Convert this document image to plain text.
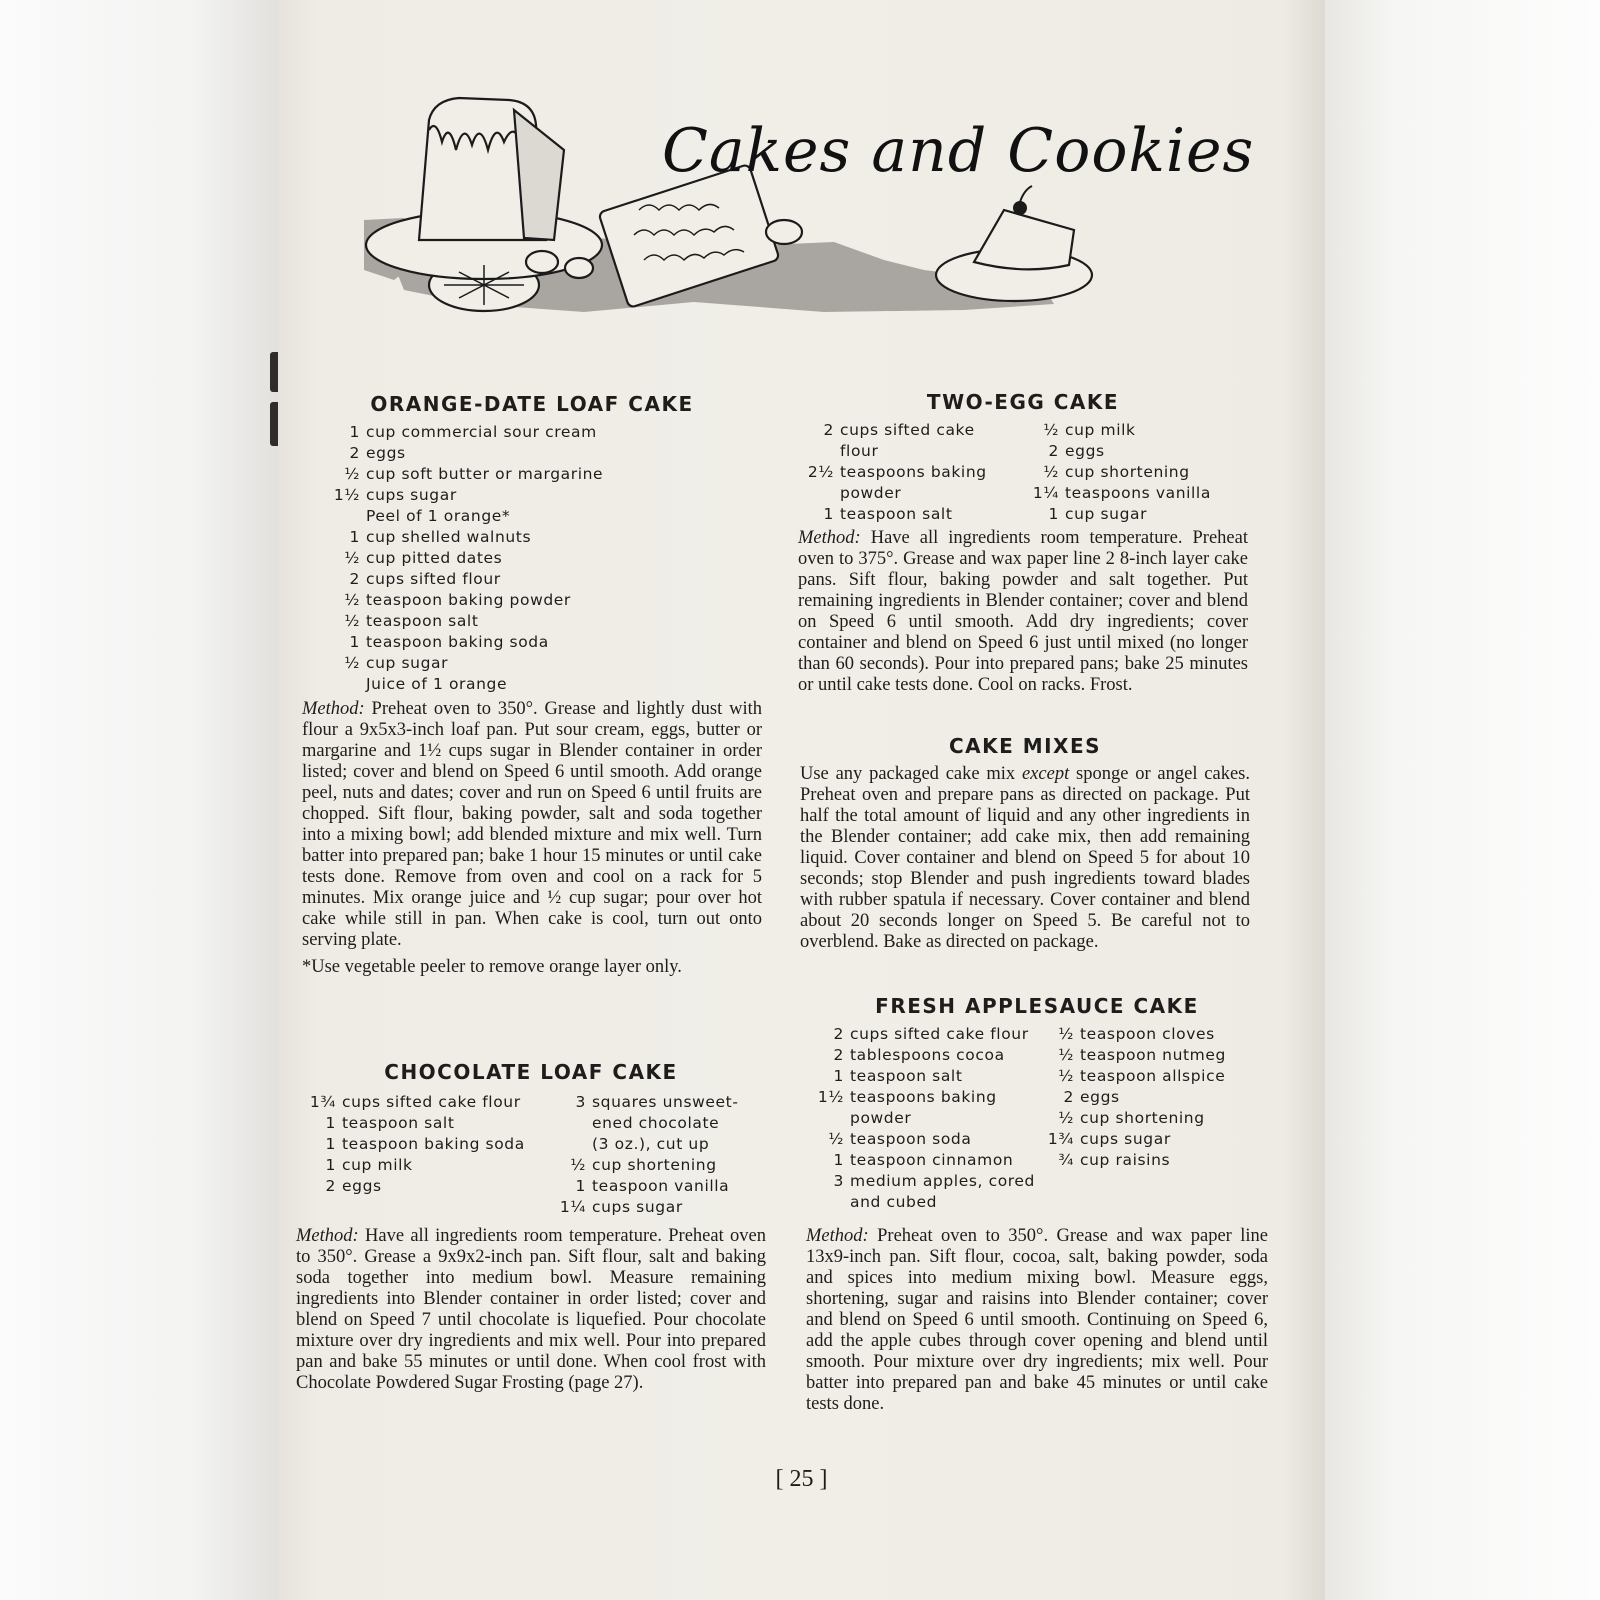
Cakes and Cookies
ORANGE-DATE LOAF CAKE
1 cup commercial sour cream
2 eggs
½ cup soft butter or margarine
1½ cups sugar
Peel of 1 orange*
1 cup shelled walnuts
½ cup pitted dates
2 cups sifted flour
½ teaspoon baking powder
½ teaspoon salt
1 teaspoon baking soda
½ cup sugar
Juice of 1 orange

Method: Preheat oven to 350°. Grease and lightly dust with flour a 9x5x3-inch loaf pan. Put sour cream, eggs, butter or margarine and 1½ cups sugar in Blender container in order listed; cover and blend on Speed 6 until smooth. Add orange peel, nuts and dates; cover and run on Speed 6 until fruits are chopped. Sift flour, baking powder, salt and soda together into a mixing bowl; add blended mixture and mix well. Turn batter into prepared pan; bake 1 hour 15 minutes or until cake tests done. Remove from oven and cool on a rack for 5 minutes. Mix orange juice and ½ cup sugar; pour over hot cake while still in pan. When cake is cool, turn out onto serving plate.

*Use vegetable peeler to remove orange layer only.

CHOCOLATE LOAF CAKE
1¾ cups sifted cake flour
1 teaspoon salt
1 teaspoon baking soda
1 cup milk
2 eggs
3 squares unsweet-
ened chocolate
(3 oz.), cut up
½ cup shortening
1 teaspoon vanilla
1¼ cups sugar

Method: Have all ingredients room temperature. Preheat oven to 350°. Grease a 9x9x2-inch pan. Sift flour, salt and baking soda together into medium bowl. Measure remaining ingredients into Blender container in order listed; cover and blend on Speed 7 until chocolate is liquefied. Pour chocolate mixture over dry ingredients and mix well. Pour into prepared pan and bake 55 minutes or until done. When cool frost with Chocolate Powdered Sugar Frosting (page 27).

TWO-EGG CAKE
2 cups sifted cake
flour
2½ teaspoons baking
powder
1 teaspoon salt
½ cup milk
2 eggs
½ cup shortening
1¼ teaspoons vanilla
1 cup sugar

Method: Have all ingredients room temperature. Preheat oven to 375°. Grease and wax paper line 2 8-inch layer cake pans. Sift flour, baking powder and salt together. Put remaining ingredients in Blender container; cover and blend on Speed 6 until smooth. Add dry ingredients; cover container and blend on Speed 6 just until mixed (no longer than 60 seconds). Pour into prepared pans; bake 25 minutes or until cake tests done. Cool on racks. Frost.

CAKE MIXES

Use any packaged cake mix except sponge or angel cakes. Preheat oven and prepare pans as directed on package. Put half the total amount of liquid and any other ingredients in the Blender container; add cake mix, then add remaining liquid. Cover container and blend on Speed 5 for about 10 seconds; stop Blender and push ingredients toward blades with rubber spatula if necessary. Cover container and blend about 20 seconds longer on Speed 5. Be careful not to overblend. Bake as directed on package.

FRESH APPLESAUCE CAKE
2 cups sifted cake flour
2 tablespoons cocoa
1 teaspoon salt
1½ teaspoons baking
powder
½ teaspoon soda
1 teaspoon cinnamon
3 medium apples, cored
and cubed
½ teaspoon cloves
½ teaspoon nutmeg
½ teaspoon allspice
2 eggs
½ cup shortening
1¾ cups sugar
¾ cup raisins

Method: Preheat oven to 350°. Grease and wax paper line 13x9-inch pan. Sift flour, cocoa, salt, baking powder, soda and spices into medium mixing bowl. Measure eggs, shortening, sugar and raisins into Blender container; cover and blend on Speed 6 until smooth. Continuing on Speed 6, add the apple cubes through cover opening and blend until smooth. Pour mixture over dry ingredients; mix well. Pour batter into prepared pan and bake 45 minutes or until cake tests done.

[ 25 ]
